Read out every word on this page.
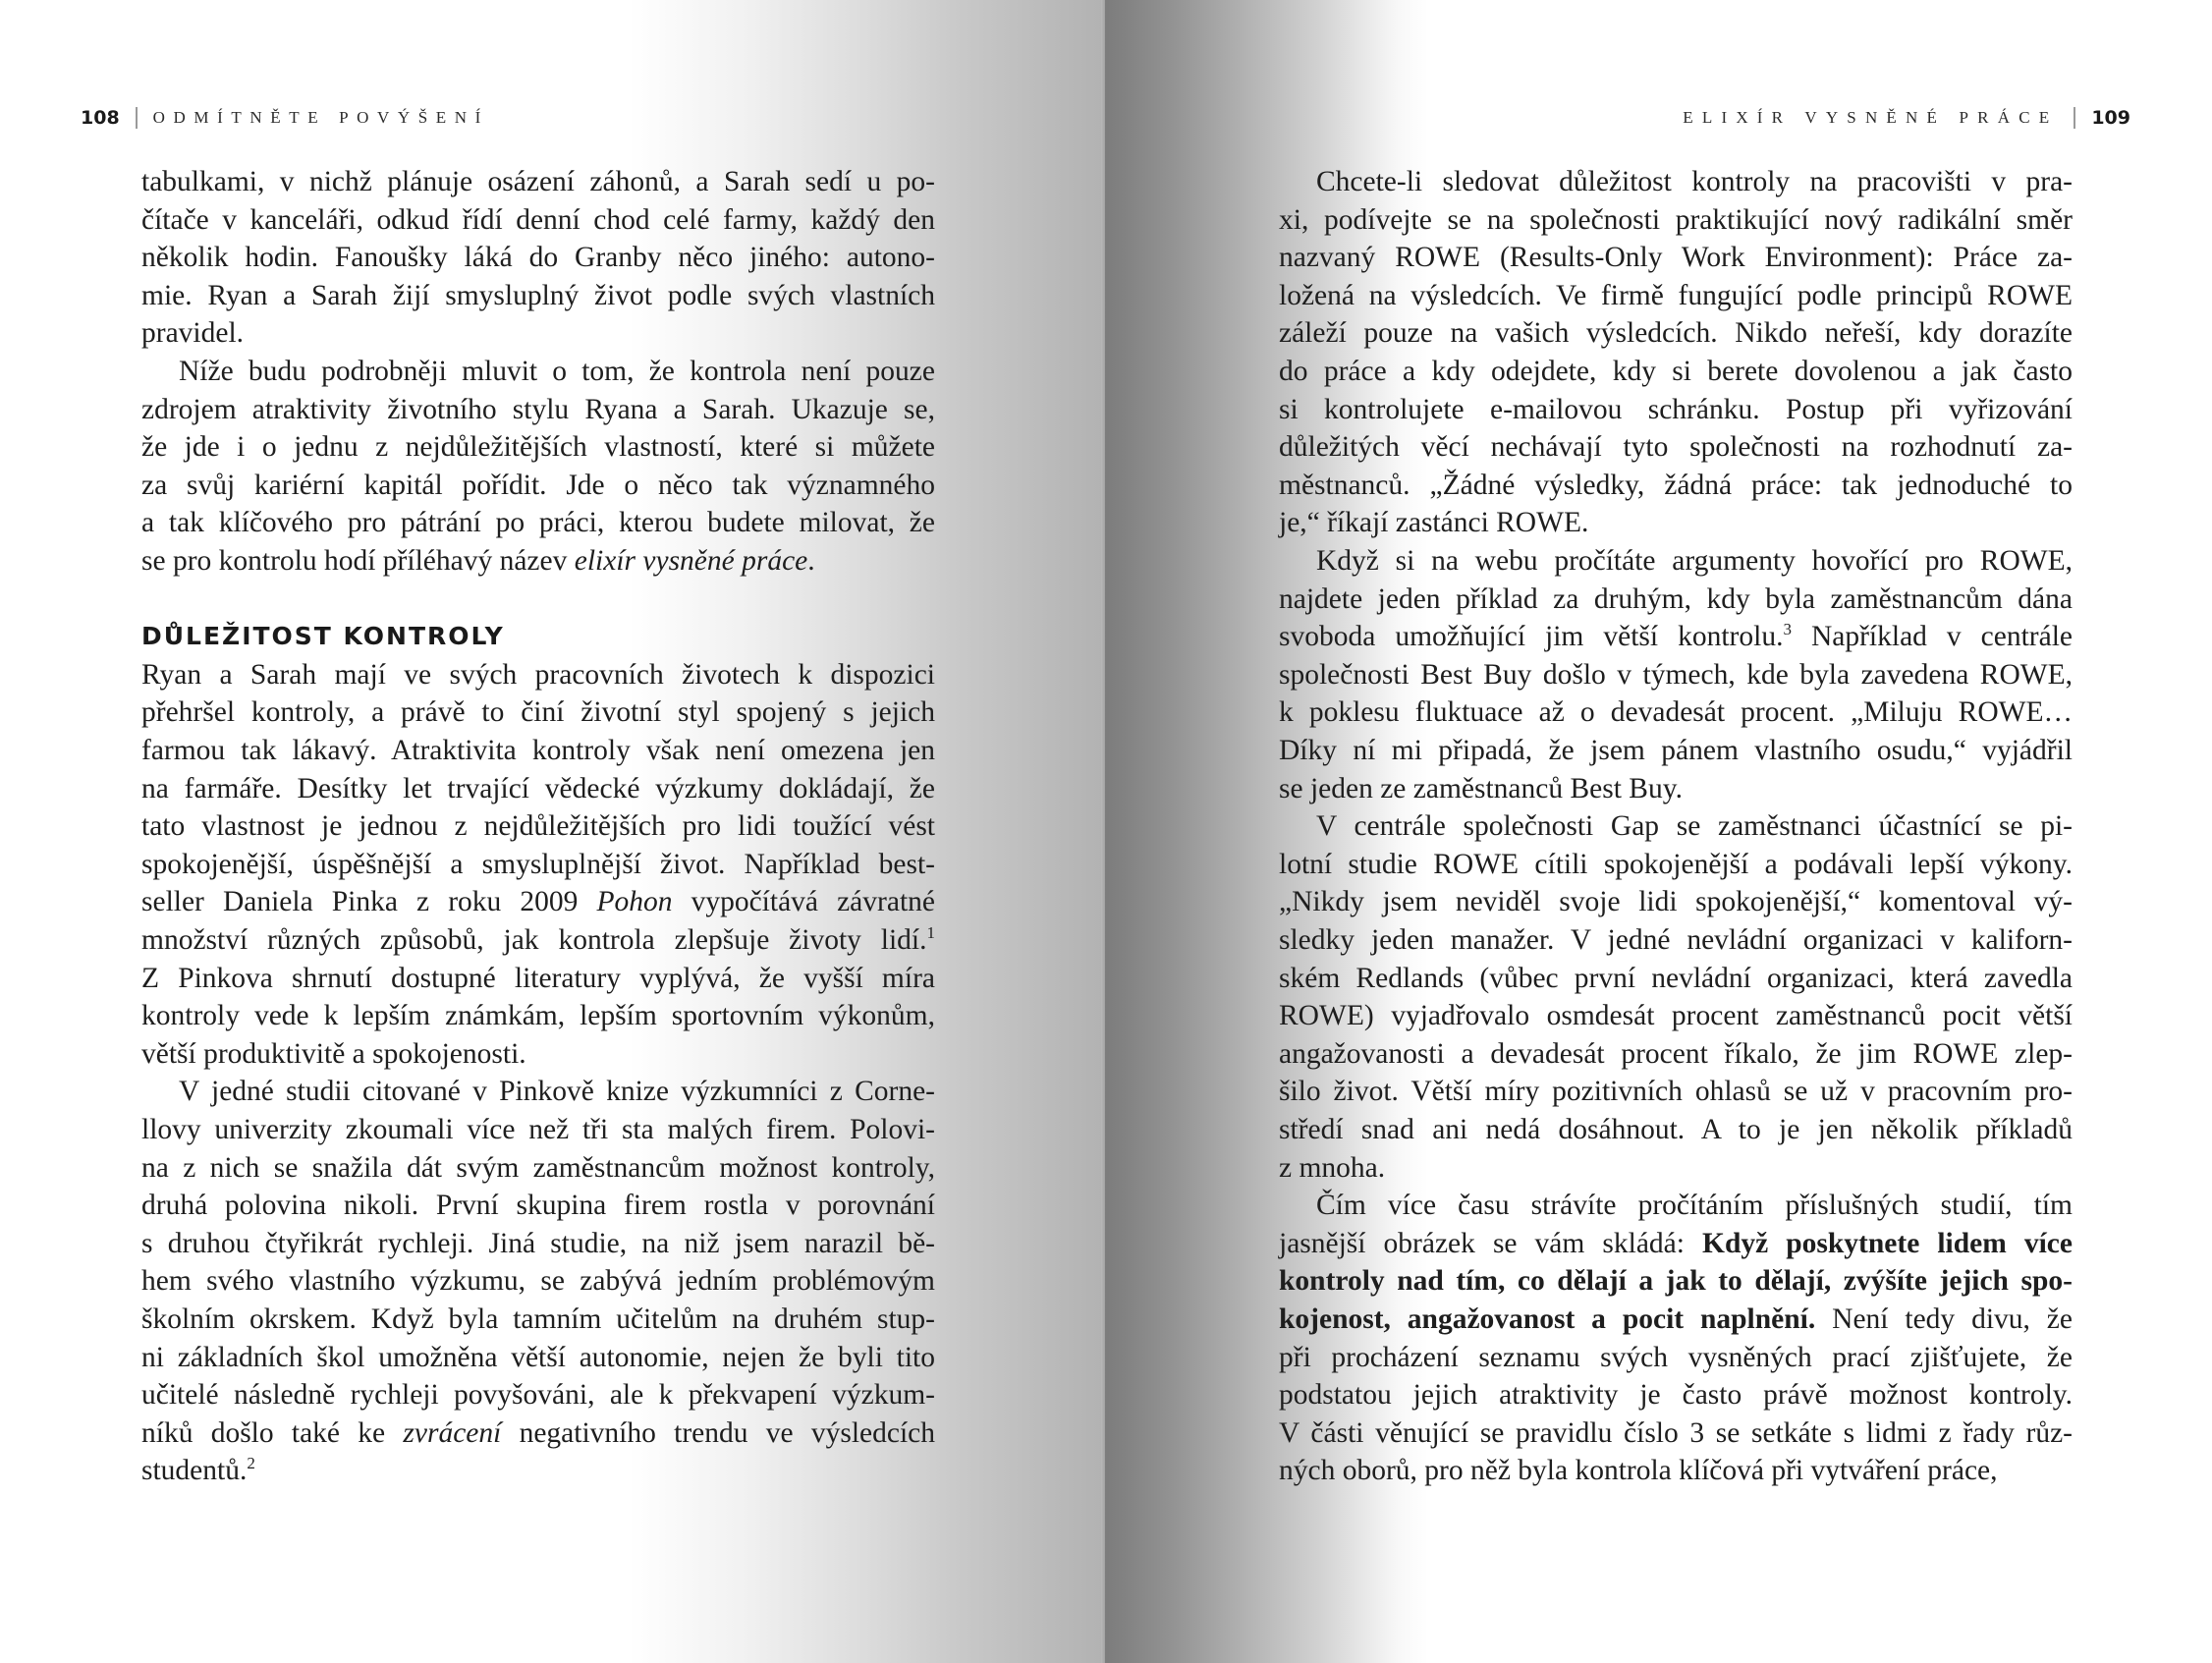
108 ODMÍTNĚTE POVÝŠENÍ
DŮLEŽITOST KONTROLY
tabulkami, v nichž plánuje osázení záhonů, a Sarah sedí u po-
čítače v kanceláři, odkud řídí denní chod celé farmy, každý den
několik hodin. Fanoušky láká do Granby něco jiného: autono-
mie. Ryan a Sarah žijí smysluplný život podle svých vlastních
pravidel.
Níže budu podrobněji mluvit o tom, že kontrola není pouze
zdrojem atraktivity životního stylu Ryana a Sarah. Ukazuje se,
že jde i o jednu z nejdůležitějších vlastností, které si můžete
za svůj kariérní kapitál pořídit. Jde o něco tak významného
a tak klíčového pro pátrání po práci, kterou budete milovat, že
se pro kontrolu hodí příléhavý název elixír vysněné práce.
Ryan a Sarah mají ve svých pracovních životech k dispozici
přehršel kontroly, a právě to činí životní styl spojený s jejich
farmou tak lákavý. Atraktivita kontroly však není omezena jen
na farmáře. Desítky let trvající vědecké výzkumy dokládají, že
tato vlastnost je jednou z nejdůležitějších pro lidi toužící vést
spokojenější, úspěšnější a smysluplnější život. Například best-
seller Daniela Pinka z roku 2009 Pohon vypočítává závratné
množství různých způsobů, jak kontrola zlepšuje životy lidí.$^1$
Z Pinkova shrnutí dostupné literatury vyplývá, že vyšší míra
kontroly vede k lepším známkám, lepším sportovním výkonům,
větší produktivitě a spokojenosti.
V jedné studii citované v Pinkově knize výzkumníci z Corne-
llovy univerzity zkoumali více než tři sta malých firem. Polovi-
na z nich se snažila dát svým zaměstnancům možnost kontroly,
druhá polovina nikoli. První skupina firem rostla v porovnání
s druhou čtyřikrát rychleji. Jiná studie, na niž jsem narazil bě-
hem svého vlastního výzkumu, se zabývá jedním problémovým
školním okrskem. Když byla tamním učitelům na druhém stup-
ni základních škol umožněna větší autonomie, nejen že byli tito
učitelé následně rychleji povyšováni, ale k překvapení výzkum-
níků došlo také ke zvrácení negativního trendu ve výsledcích
studentů.$^2$
ELIXÍR VYSNĚNÉ PRÁCE 109
Chcete-li sledovat důležitost kontroly na pracovišti v pra-
xi, podívejte se na společnosti praktikující nový radikální směr
nazvaný ROWE (Results-Only Work Environment): Práce za-
ložená na výsledcích. Ve firmě fungující podle principů ROWE
záleží pouze na vašich výsledcích. Nikdo neřeší, kdy dorazíte
do práce a kdy odejdete, kdy si berete dovolenou a jak často
si kontrolujete e-mailovou schránku. Postup při vyřizování
důležitých věcí nechávají tyto společnosti na rozhodnutí za-
městnanců. „Žádné výsledky, žádná práce: tak jednoduché to
je,“ říkají zastánci ROWE.
Když si na webu pročítáte argumenty hovořící pro ROWE,
najdete jeden příklad za druhým, kdy byla zaměstnancům dána
svoboda umožňující jim větší kontrolu.$^3$ Například v centrále
společnosti Best Buy došlo v týmech, kde byla zavedena ROWE,
k poklesu fluktuace až o devadesát procent. „Miluju ROWE…
Díky ní mi připadá, že jsem pánem vlastního osudu,“ vyjádřil
se jeden ze zaměstnanců Best Buy.
V centrále společnosti Gap se zaměstnanci účastnící se pi-
lotní studie ROWE cítili spokojenější a podávali lepší výkony.
„Nikdy jsem neviděl svoje lidi spokojenější,“ komentoval vý-
sledky jeden manažer. V jedné nevládní organizaci v kaliforn-
ském Redlands (vůbec první nevládní organizaci, která zavedla
ROWE) vyjadřovalo osmdesát procent zaměstnanců pocit větší
angažovanosti a devadesát procent říkalo, že jim ROWE zlep-
šilo život. Větší míry pozitivních ohlasů se už v pracovním pro-
středí snad ani nedá dosáhnout. A to je jen několik příkladů
z mnoha.
Čím více času strávíte pročítáním příslušných studií, tím
jasnější obrázek se vám skládá: Když poskytnete lidem více
kontroly nad tím, co dělají a jak to dělají, zvýšíte jejich spo-
kojenost, angažovanost a pocit naplnění. Není tedy divu, že
při procházení seznamu svých vysněných prací zjišťujete, že
podstatou jejich atraktivity je často právě možnost kontroly.
V části věnující se pravidlu číslo 3 se setkáte s lidmi z řady růz-
ných oborů, pro něž byla kontrola klíčová při vytváření práce,
